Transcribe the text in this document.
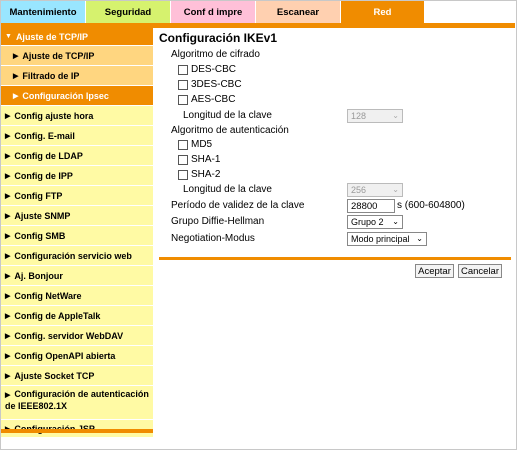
Mantenimiento	Seguridad	Conf d impre	Escanear	Red
▼ Ajuste de TCP/IP
▶ Ajuste de TCP/IP
▶ Filtrado de IP
▶ Configuración Ipsec
▶ Config ajuste hora
▶ Config. E-mail
▶ Config de LDAP
▶ Config de IPP
▶ Config FTP
▶ Ajuste SNMP
▶ Config SMB
▶ Configuración servicio web
▶ Aj. Bonjour
▶ Config NetWare
▶ Config de AppleTalk
▶ Config. servidor WebDAV
▶ Config OpenAPI abierta
▶ Ajuste Socket TCP
▶ Configuración de autenticación de IEEE802.1X
Configuración IKEv1
Algoritmo de cifrado
DES-CBC
3DES-CBC
AES-CBC
Longitud de la clave	128	⌄
Algoritmo de autenticación
MD5
SHA-1
SHA-2
Longitud de la clave	256	⌄
Período de validez de la clave	28800 s (600-604800)
Grupo Diffie-Hellman	Grupo 2 ⌄
Negotiation-Modus	Modo principal ⌄
Aceptar	Cancelar
